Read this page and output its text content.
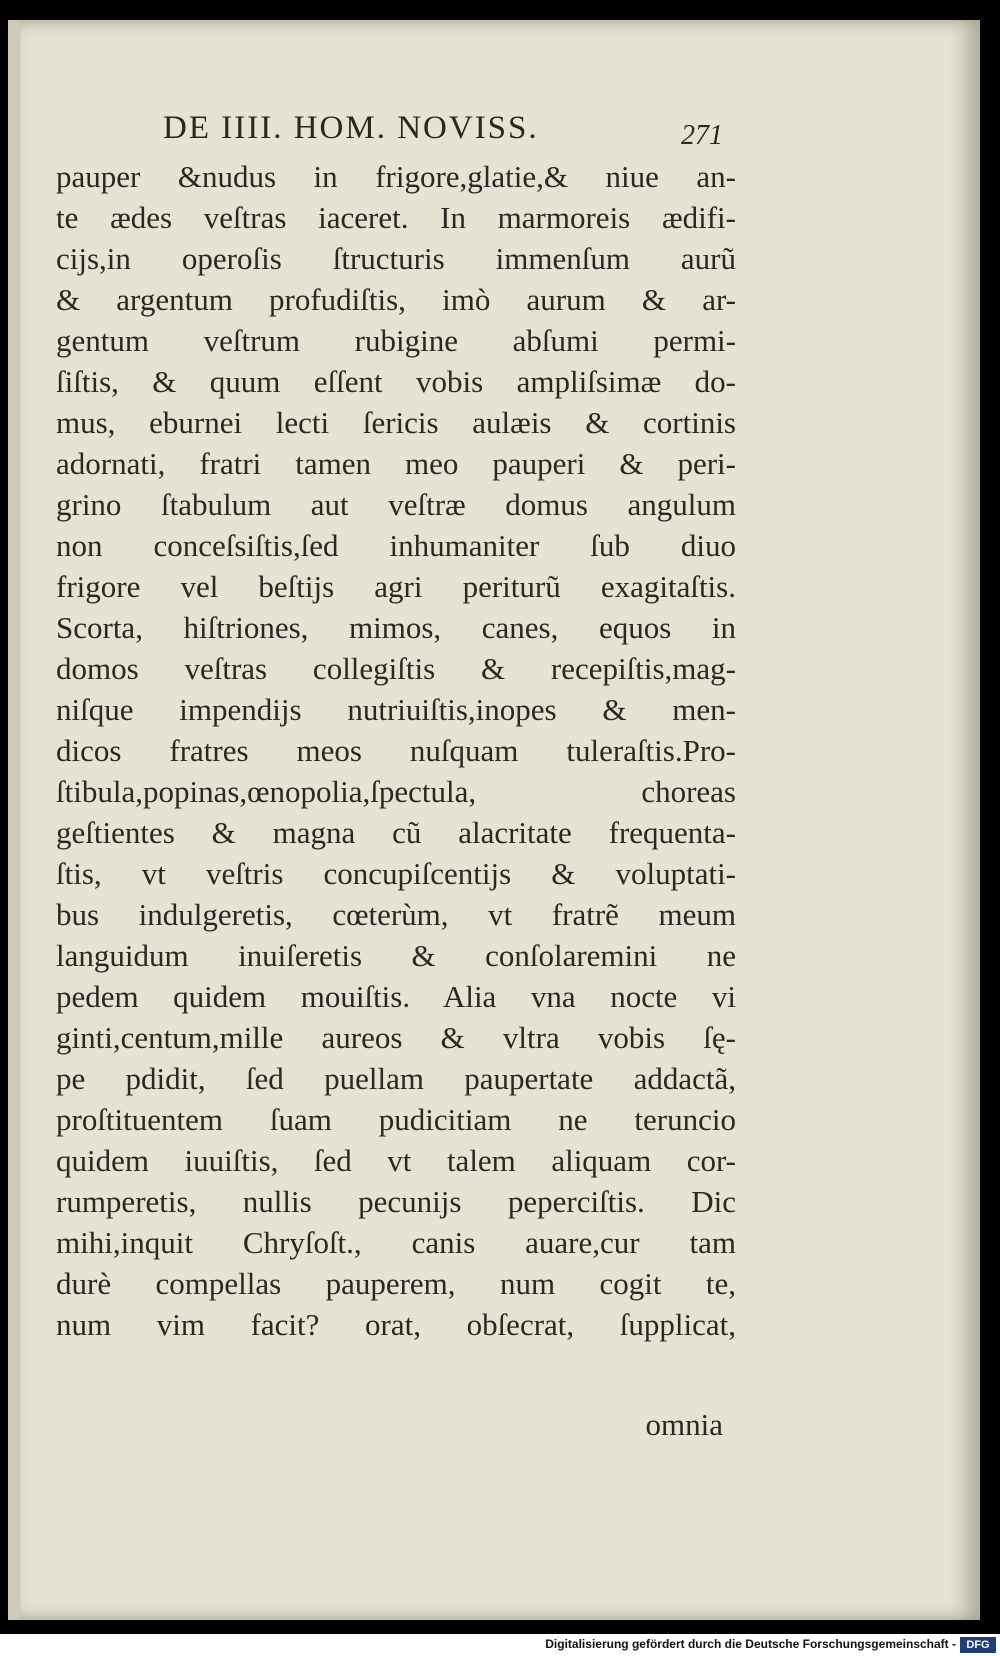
DE IIII. HOM. NOVISS.	271
pauper &nudus in frigore,glatie,& niue an-
te ædes veſtras iaceret. In marmoreis ædifi-
cijs,in operoſis ſtructuris immenſum aurũ
& argentum profudiſtis, imò aurum & ar-
gentum veſtrum rubigine abſumi permi-
ſiſtis, & quum eſſent vobis ampliſsimæ do-
mus, eburnei lecti ſericis aulæis & cortinis
adornati, fratri tamen meo pauperi & peri-
grino ſtabulum aut veſtræ domus angulum
non conceſsiſtis,ſed inhumaniter ſub diuo
frigore vel beſtijs agri periturũ exagitaſtis.
Scorta, hiſtriones, mimos, canes, equos in
domos veſtras collegiſtis & recepiſtis,mag-
niſque impendijs nutriuiſtis,inopes & men-
dicos fratres meos nuſquam tuleraſtis.Pro-
ſtibula,popinas,œnopolia,ſpectula, choreas
geſtientes & magna cũ alacritate frequenta-
ſtis, vt veſtris concupiſcentijs & voluptati-
bus indulgeretis, cœterùm, vt fratrẽ meum
languidum inuiſeretis & conſolaremini ne
pedem quidem mouiſtis. Alia vna nocte vi
ginti,centum,mille aureos & vltra vobis ſę-
pe pdidit, ſed puellam paupertate addactã,
proſtituentem ſuam pudicitiam ne teruncio
quidem iuuiſtis, ſed vt talem aliquam cor-
rumperetis, nullis pecunijs peperciſtis. Dic
mihi,inquit Chryſoſt., canis auare,cur tam
durè compellas pauperem, num cogit te,
num vim facit? orat, obſecrat, ſupplicat,
omnia
Digitalisierung gefördert durch die Deutsche Forschungsgemeinschaft - DFG
